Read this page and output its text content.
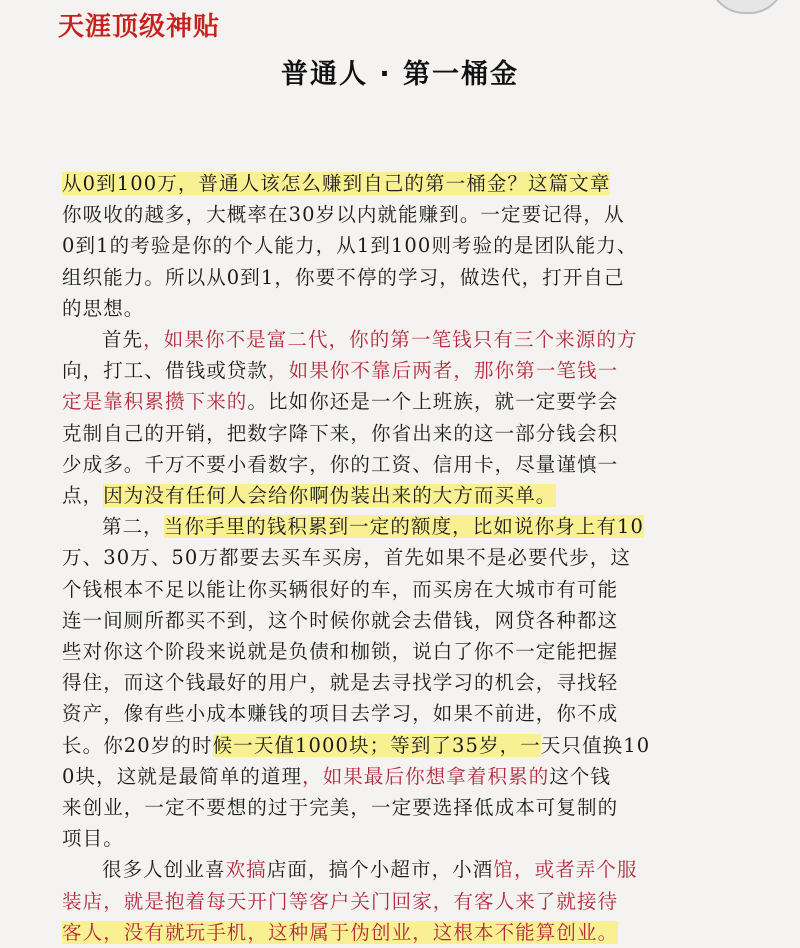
天涯顶级神贴
普通人 · 第一桶金

从0到100万，普通人该怎么赚到自己的第一桶金？这篇文章

你吸收的越多，大概率在30岁以内就能赚到。一定要记得，从

0到1的考验是你的个人能力，从1到100则考验的是团队能力、

组织能力。所以从0到1，你要不停的学习，做迭代，打开自己

的思想。

首先，如果你不是富二代，你的第一笔钱只有三个来源的方

向，打工、借钱或贷款，如果你不靠后两者，那你第一笔钱一

定是靠积累攒下来的。比如你还是一个上班族，就一定要学会

克制自己的开销，把数字降下来，你省出来的这一部分钱会积

少成多。千万不要小看数字，你的工资、信用卡，尽量谨慎一

点，因为没有任何人会给你啊伪装出来的大方而买单。

第二，当你手里的钱积累到一定的额度，比如说你身上有10

万、30万、50万都要去买车买房，首先如果不是必要代步，这

个钱根本不足以能让你买辆很好的车，而买房在大城市有可能

连一间厕所都买不到，这个时候你就会去借钱，网贷各种都这

些对你这个阶段来说就是负债和枷锁，说白了你不一定能把握

得住，而这个钱最好的用户，就是去寻找学习的机会，寻找轻

资产，像有些小成本赚钱的项目去学习，如果不前进，你不成

长。你20岁的时候一天值1000块；等到了35岁，一天只值换10

0块，这就是最简单的道理，如果最后你想拿着积累的这个钱

来创业，一定不要想的过于完美，一定要选择低成本可复制的

项目。

很多人创业喜欢搞店面，搞个小超市，小酒馆，或者弄个服

装店，就是抱着每天开门等客户关门回家，有客人来了就接待

客人，没有就玩手机，这种属于伪创业，这根本不能算创业。
